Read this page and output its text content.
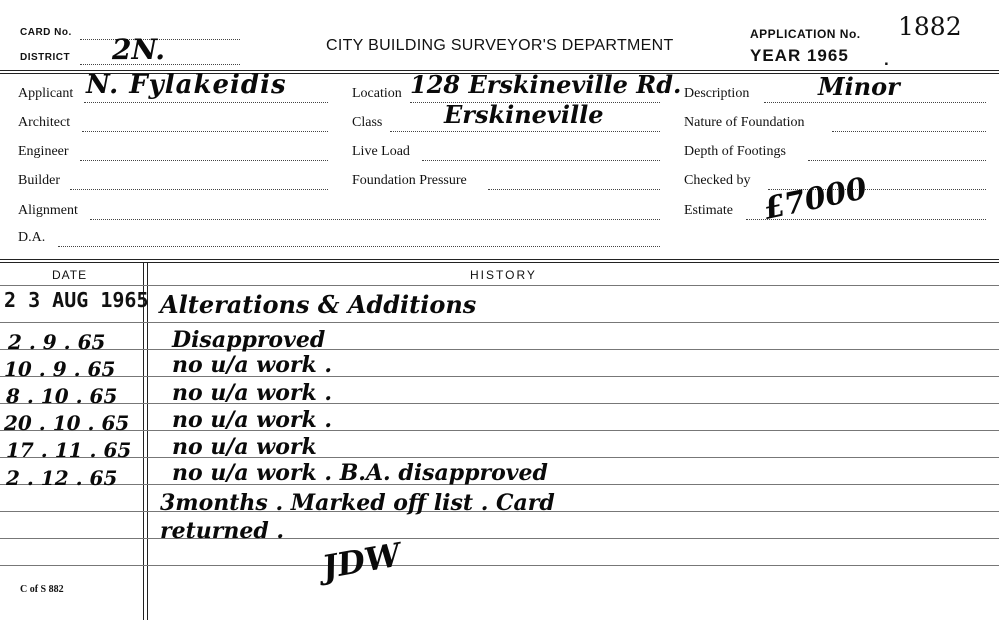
CARD No.
DISTRICT 2N.	CITY BUILDING SURVEYOR'S DEPARTMENT
APPLICATION No. 1882
YEAR 1965 .
Applicant N. Fylakeidis
Architect
Engineer
Builder
Alignment
D.A.
Location 128 Erskineville Rd.
Erskineville
Class
Live Load
Foundation Pressure
Description	Minor
Nature of Foundation
Depth of Footings
Checked by
Estimate £7000
DATE	HISTORY
2 3 AUG 1965 Alterations & Additions
2 . 9 . 65	Disapproved
10 . 9 . 65	no u/a work .
8 . 10 . 65 no u/a work .
20 . 10 . 65 no u/a work .
17 . 11 . 65 no u/a work
2 . 12 . 65 no u/a work . B.A. disapproved
3months . Marked off list . Card
returned .
JDW
C of S 882
